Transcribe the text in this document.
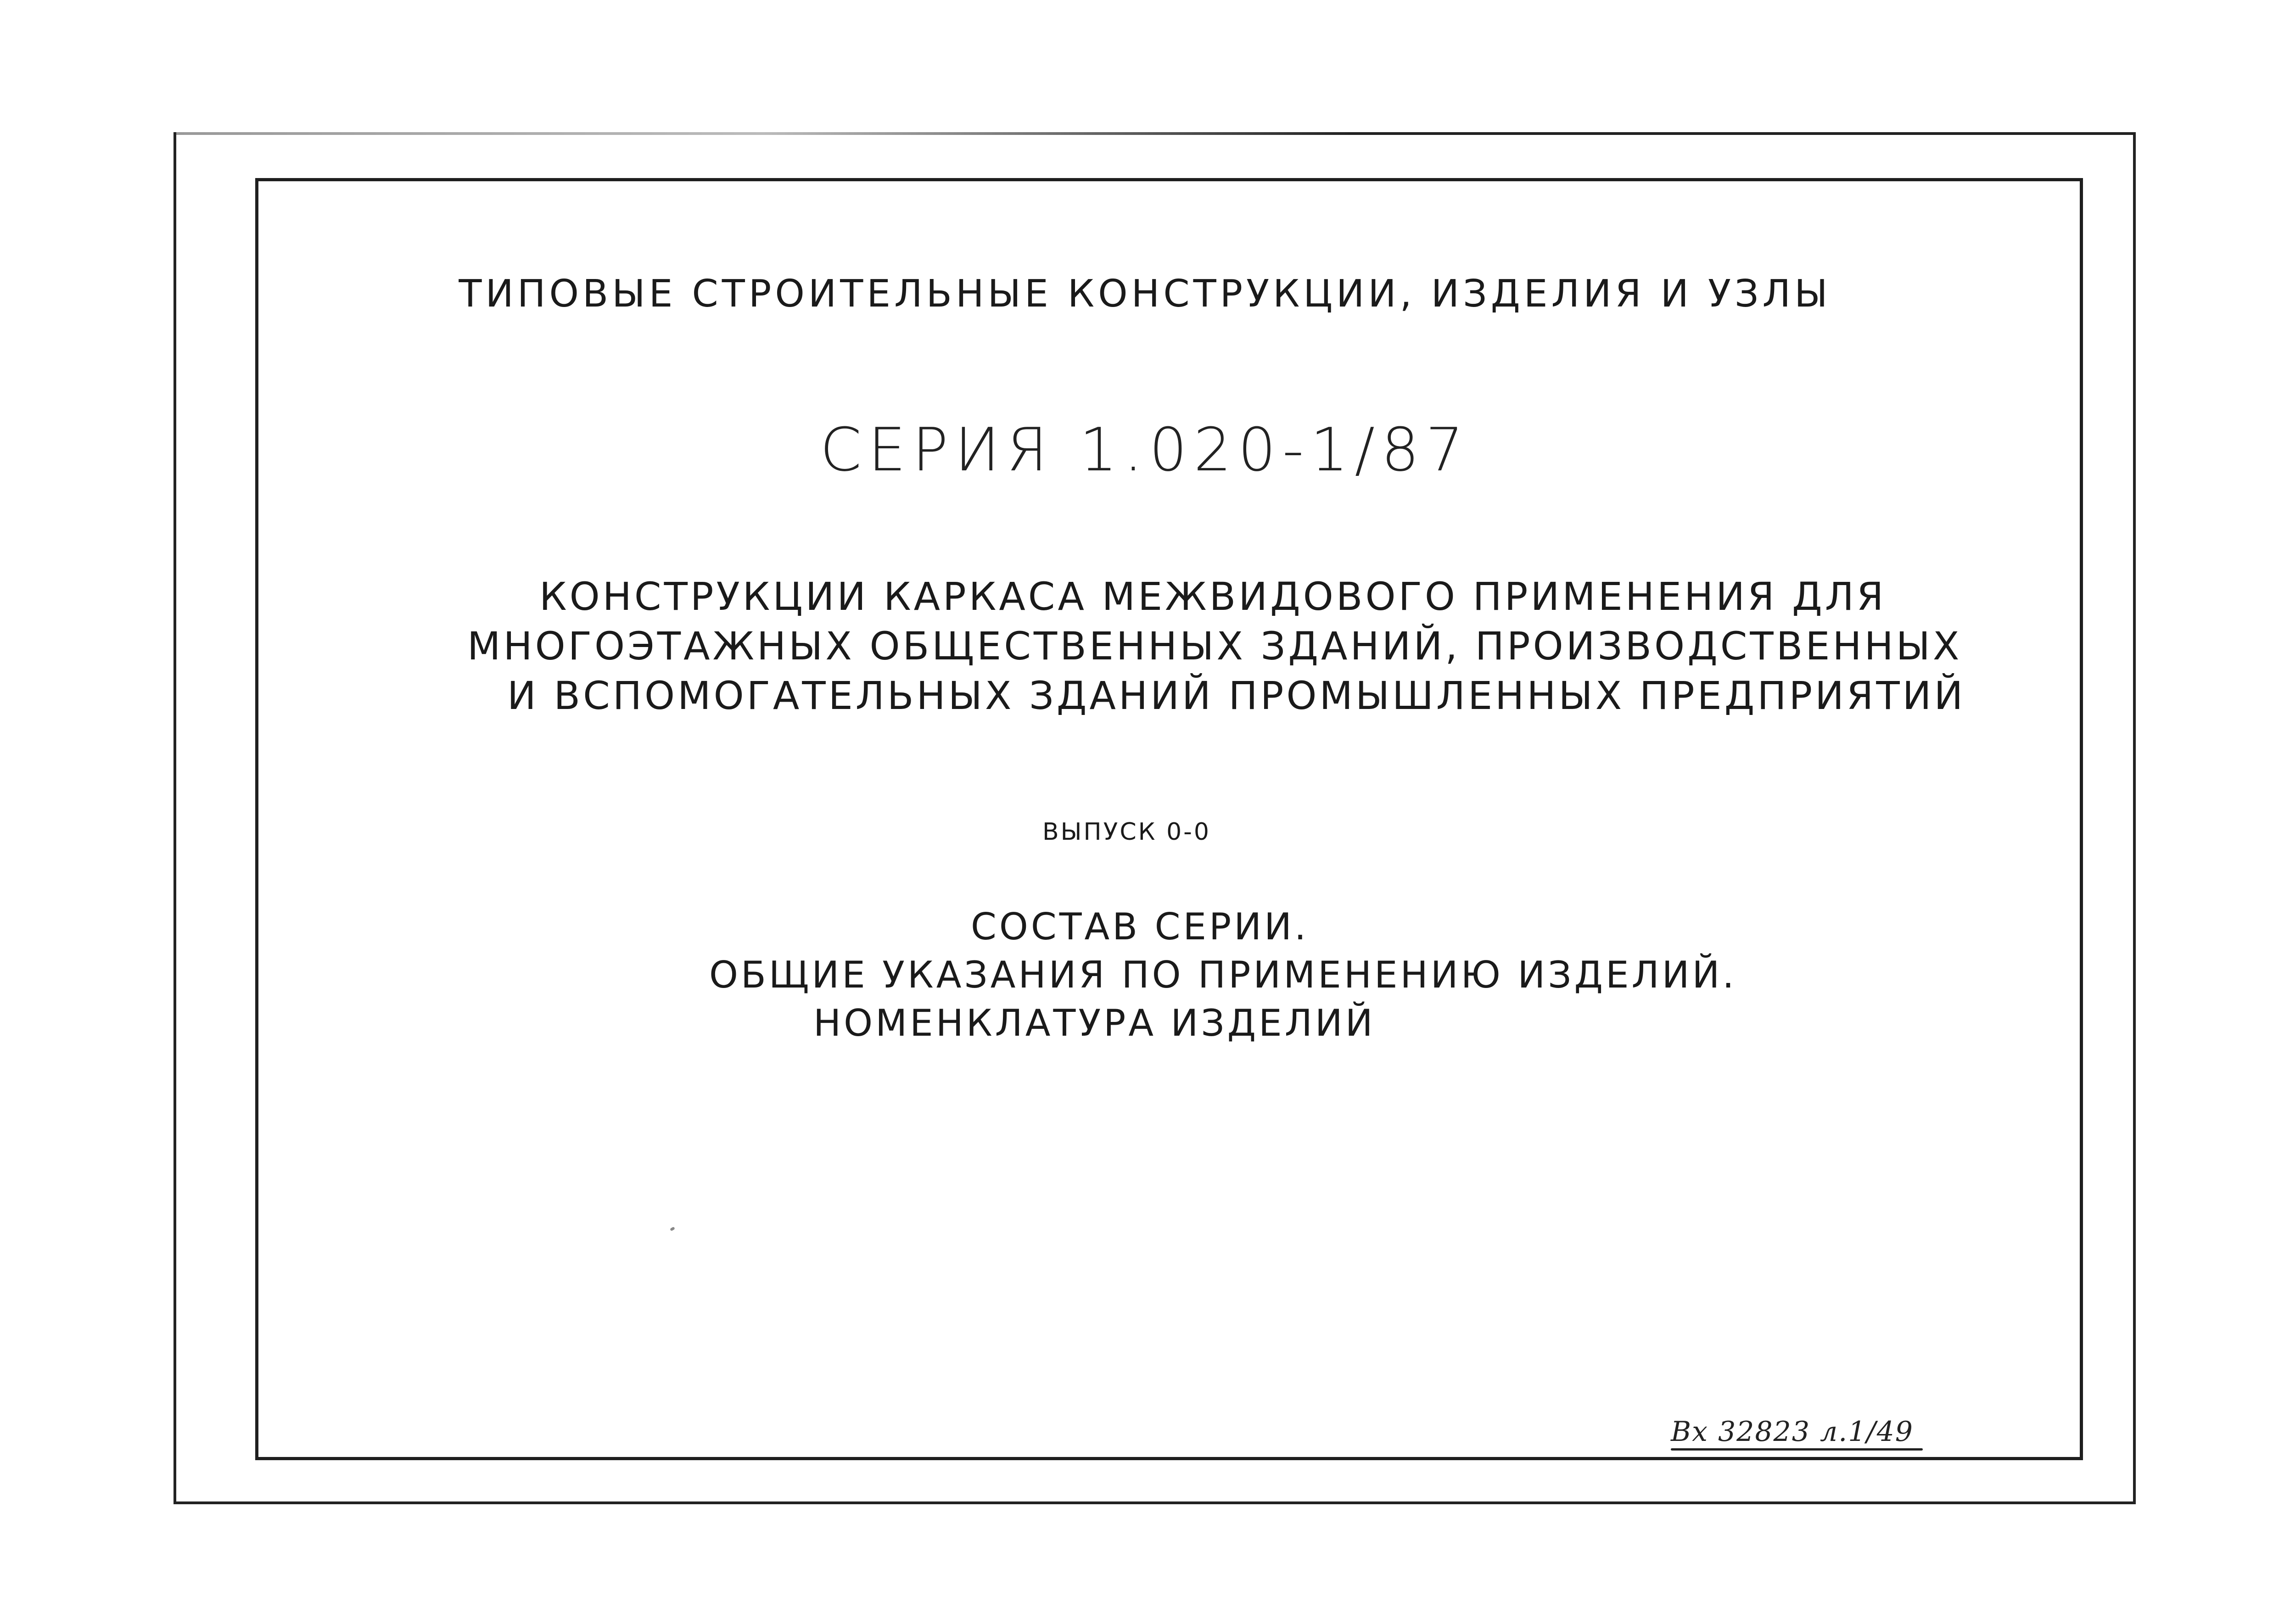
ТИПОВЫЕ СТРОИТЕЛЬНЫЕ КОНСТРУКЦИИ, ИЗДЕЛИЯ И УЗЛЫ
СЕРИЯ 1.020-1/87
КОНСТРУКЦИИ КАРКАСА МЕЖВИДОВОГО ПРИМЕНЕНИЯ ДЛЯ
МНОГОЭТАЖНЫХ ОБЩЕСТВЕННЫХ ЗДАНИЙ, ПРОИЗВОДСТВЕННЫХ
И ВСПОМОГАТЕЛЬНЫХ ЗДАНИЙ ПРОМЫШЛЕННЫХ ПРЕДПРИЯТИЙ
ВЫПУСК 0-0
СОСТАВ СЕРИИ.
ОБЩИЕ УКАЗАНИЯ ПО ПРИМЕНЕНИЮ ИЗДЕЛИЙ.
НОМЕНКЛАТУРА ИЗДЕЛИЙ
Вх 32823 л.1/49
